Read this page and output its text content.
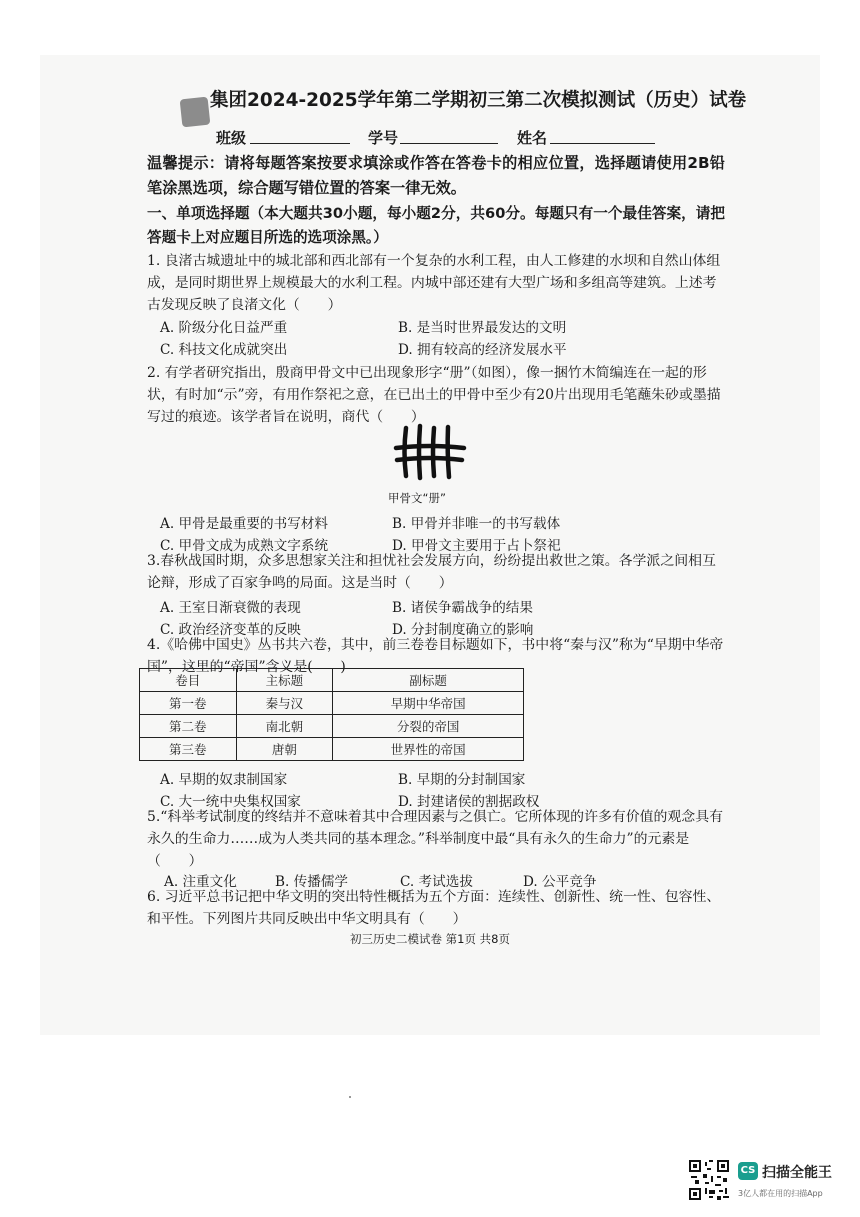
集团2024-2025学年第二学期初三第二次模拟测试（历史）试卷
班级	学号	姓名
温馨提示：请将每题答案按要求填涂或作答在答卷卡的相应位置，选择题请使用2B铅笔涂黑选项，综合题写错位置的答案一律无效。
一、单项选择题（本大题共30小题，每小题2分，共60分。每题只有一个最佳答案，请把答题卡上对应题目所选的选项涂黑。）
1. 良渚古城遗址中的城北部和西北部有一个复杂的水利工程，由人工修建的水坝和自然山体组成，是同时期世界上规模最大的水利工程。内城中部还建有大型广场和多组高等建筑。上述考古发现反映了良渚文化（　　）
A. 阶级分化日益严重	B. 是当时世界最发达的文明
C. 科技文化成就突出	D. 拥有较高的经济发展水平
2. 有学者研究指出，殷商甲骨文中已出现象形字“册”（如图），像一捆竹木简编连在一起的形状，有时加“示”旁，有用作祭祀之意，在已出土的甲骨中至少有20片出现用毛笔蘸朱砂或墨描写过的痕迹。该学者旨在说明，商代（　　）
甲骨文“册”
A. 甲骨是最重要的书写材料	B. 甲骨并非唯一的书写载体
C. 甲骨文成为成熟文字系统	D. 甲骨文主要用于占卜祭祀
3.春秋战国时期，众多思想家关注和担忧社会发展方向，纷纷提出救世之策。各学派之间相互论辩，形成了百家争鸣的局面。这是当时（　　）
A. 王室日渐衰微的表现	B. 诸侯争霸战争的结果
C. 政治经济变革的反映	D. 分封制度确立的影响
4.《哈佛中国史》丛书共六卷，其中，前三卷卷目标题如下，书中将“秦与汉”称为“早期中华帝国”，这里的“帝国”含义是(　　)
卷目	主标题	副标题
第一卷	秦与汉	早期中华帝国
第二卷	南北朝	分裂的帝国
第三卷	唐朝	世界性的帝国
A. 早期的奴隶制国家	B. 早期的分封制国家
C. 大一统中央集权国家	D. 封建诸侯的割据政权
5.“科举考试制度的终结并不意味着其中合理因素与之俱亡。它所体现的许多有价值的观念具有永久的生命力……成为人类共同的基本理念。”科举制度中最“具有永久的生命力”的元素是（　　）
A. 注重文化	B. 传播儒学	C. 考试选拔	D. 公平竞争
6. 习近平总书记把中华文明的突出特性概括为五个方面：连续性、创新性、统一性、包容性、和平性。下列图片共同反映出中华文明具有（　　）
初三历史二模试卷 第1页 共8页
CS 扫描全能王
3亿人都在用的扫描App
